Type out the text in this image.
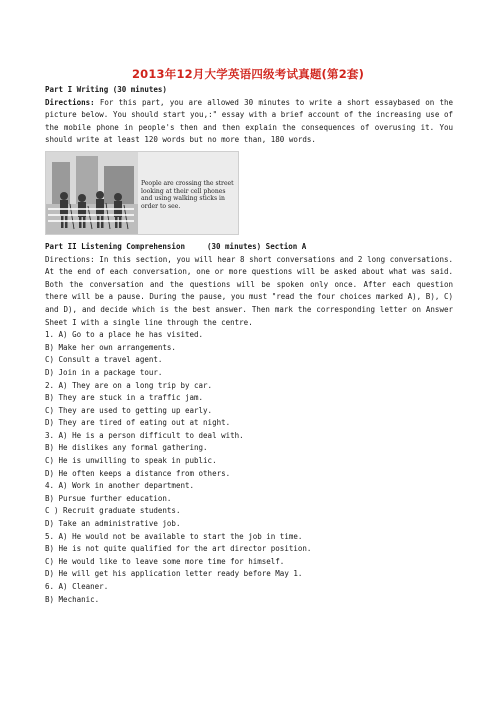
2013年12月大学英语四级考试真题(第2套)
Part I Writing (30 minutes)

Directions: For this part, you are allowed 30 minutes to write a short essaybased on the picture below. You should start you,:" essay with a brief account of the increasing use of the mobile phone in people's then and then explain the consequences of overusing it. You should write at least 120 words but no more than, 180 words.

People are crossing the street looking at their cell phones and using walking sticks in order to see.
Part II Listening Comprehension	(30 minutes) Section A

Directions: In this section, you will hear 8 short conversations and 2 long conversations. At the end of each conversation, one or more questions will be asked about what was said. Both the conversation and the questions will be spoken only once. After each question there will be a pause. During the pause, you must "read the four choices marked A), B), C) and D), and decide which is the best answer. Then mark the corresponding letter on Answer Sheet I with a single line through the centre.

1. A) Go to a place he has visited.
B) Make her own arrangements.
C) Consult a travel agent.
D) Join in a package tour.
2. A) They are on a long trip by car.
B) They are stuck in a traffic jam.
C) They are used to getting up early.
D) They are tired of eating out at night.
3. A) He is a person difficult to deal with.
B) He dislikes any formal gathering.
C) He is unwilling to speak in public.
D) He often keeps a distance from others.
4. A) Work in another department.
B) Pursue further education.
C ) Recruit graduate students.
D) Take an administrative job.
5. A) He would not be available to start the job in time.
B) He is not quite qualified for the art director position.
C) He would like to leave some more time for himself.
D) He will get his application letter ready before May 1.
6. A) Cleaner.
B) Mechanic.
